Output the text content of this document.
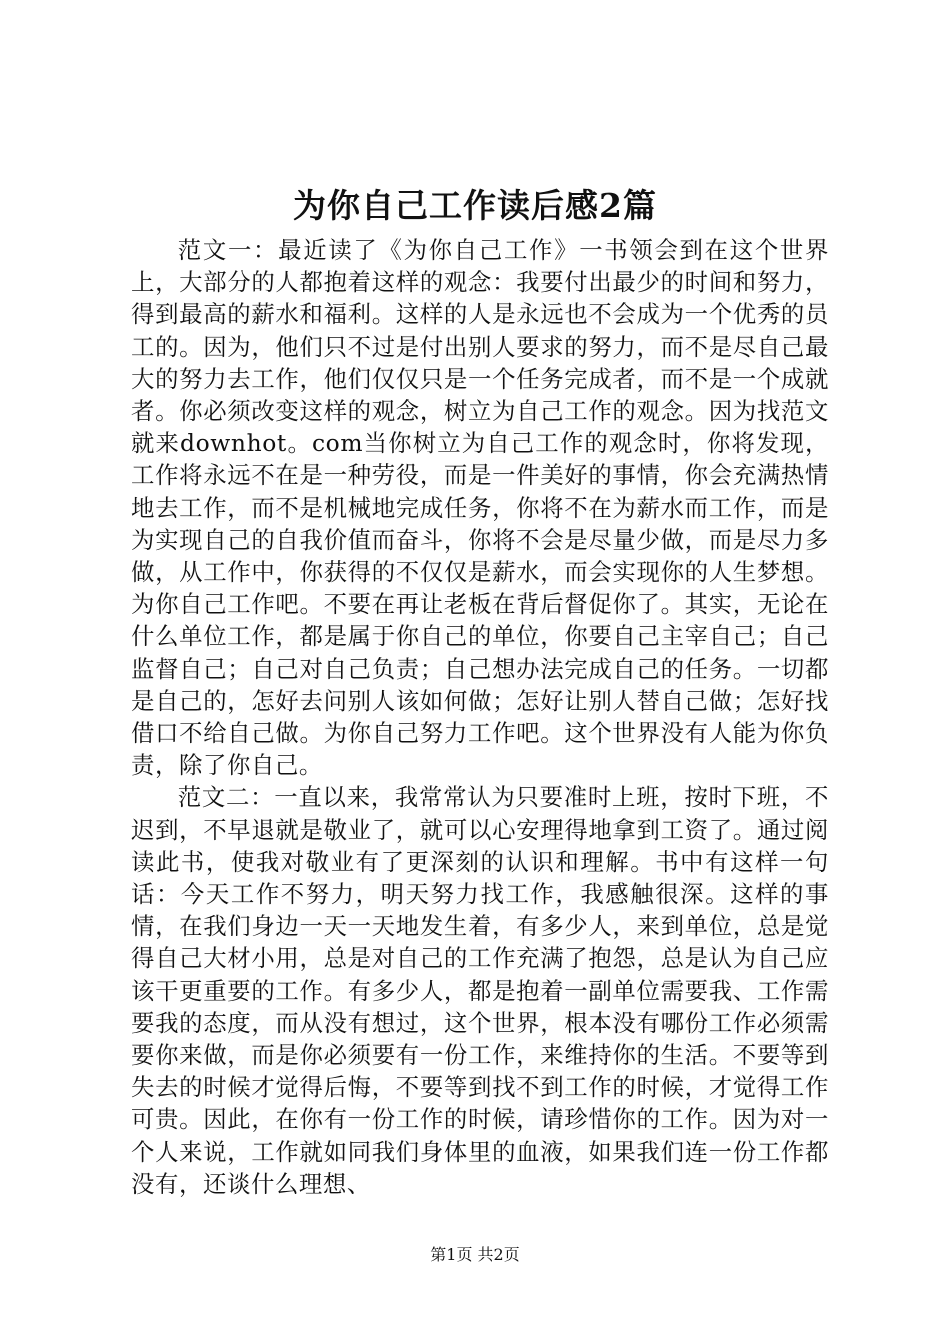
为你自己工作读后感2篇

范文一：最近读了《为你自己工作》一书领会到在这个世界上，大部分的人都抱着这样的观念：我要付出最少的时间和努力，得到最高的薪水和福利。这样的人是永远也不会成为一个优秀的员工的。因为，他们只不过是付出别人要求的努力，而不是尽自己最大的努力去工作，他们仅仅只是一个任务完成者，而不是一个成就者。你必须改变这样的观念，树立为自己工作的观念。因为找范文就来downhot。com当你树立为自己工作的观念时，你将发现，工作将永远不在是一种劳役，而是一件美好的事情，你会充满热情地去工作，而不是机械地完成任务，你将不在为薪水而工作，而是为实现自己的自我价值而奋斗，你将不会是尽量少做，而是尽力多做，从工作中，你获得的不仅仅是薪水，而会实现你的人生梦想。为你自己工作吧。不要在再让老板在背后督促你了。其实，无论在什么单位工作，都是属于你自己的单位，你要自己主宰自己；自己监督自己；自己对自己负责；自己想办法完成自己的任务。一切都是自己的，怎好去问别人该如何做；怎好让别人替自己做；怎好找借口不给自己做。为你自己努力工作吧。这个世界没有人能为你负责，除了你自己。

范文二：一直以来，我常常认为只要准时上班，按时下班，不迟到，不早退就是敬业了，就可以心安理得地拿到工资了。通过阅读此书，使我对敬业有了更深刻的认识和理解。书中有这样一句话：今天工作不努力，明天努力找工作，我感触很深。这样的事情，在我们身边一天一天地发生着，有多少人，来到单位，总是觉得自己大材小用，总是对自己的工作充满了抱怨，总是认为自己应该干更重要的工作。有多少人，都是抱着一副单位需要我、工作需要我的态度，而从没有想过，这个世界，根本没有哪份工作必须需要你来做，而是你必须要有一份工作，来维持你的生活。不要等到失去的时候才觉得后悔，不要等到找不到工作的时候，才觉得工作可贵。因此，在你有一份工作的时候，请珍惜你的工作。因为对一个人来说，工作就如同我们身体里的血液，如果我们连一份工作都没有，还谈什么理想、

第1页 共2页
